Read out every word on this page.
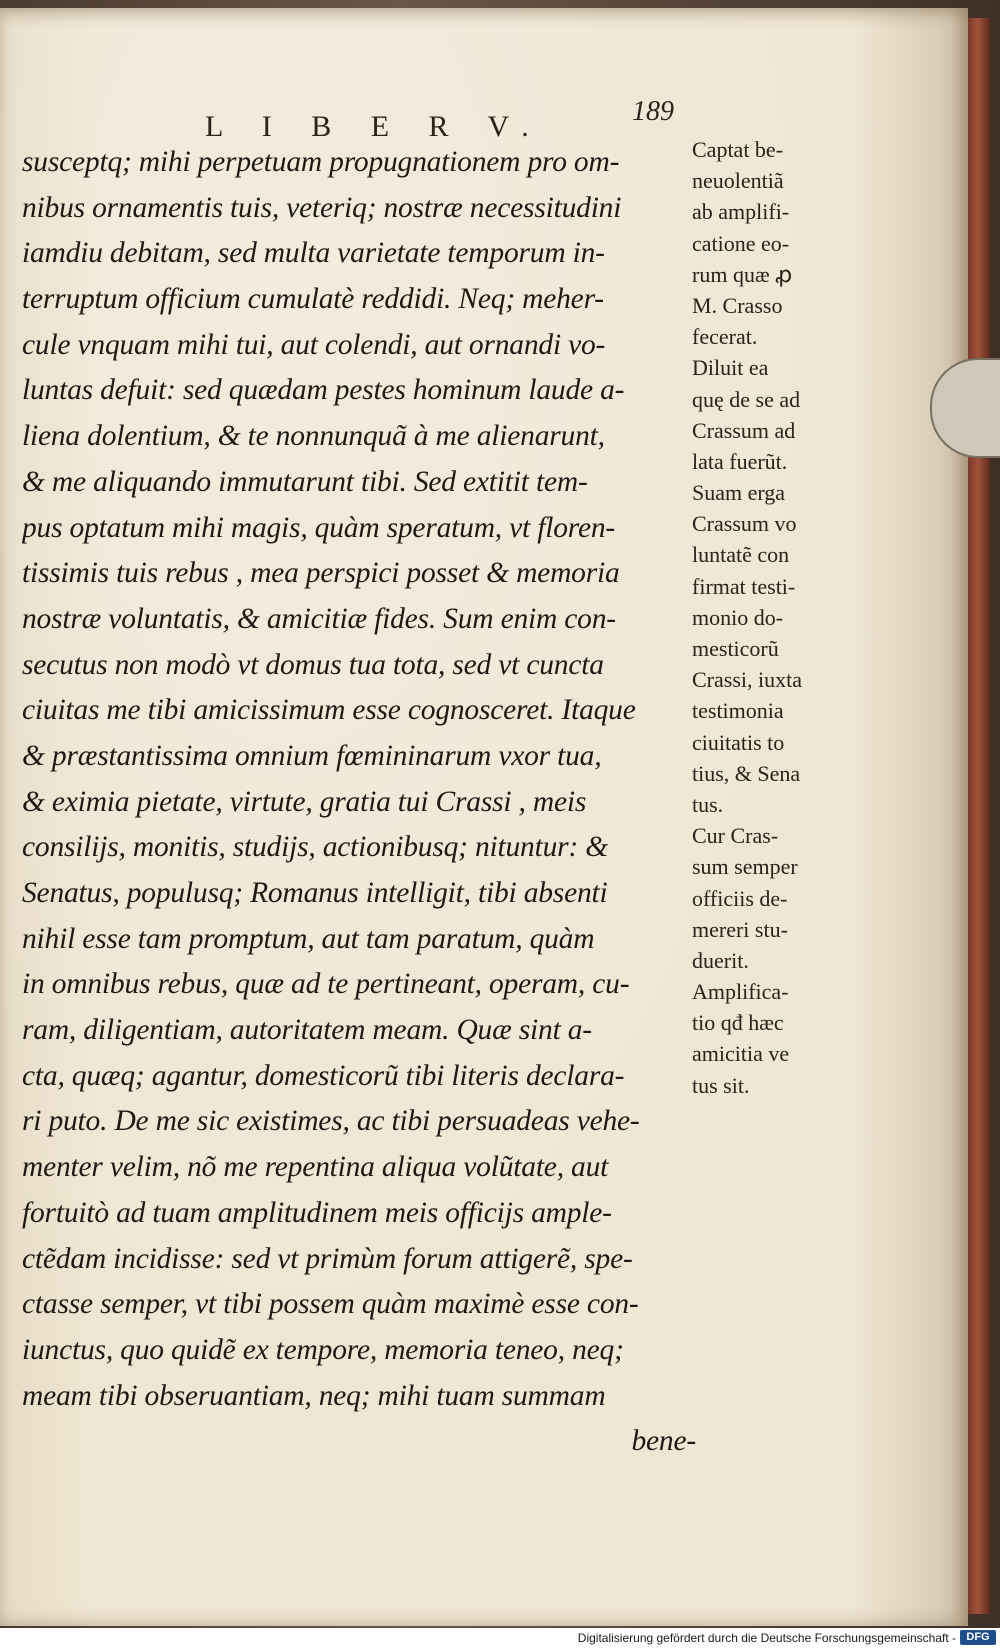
L I B E R V.	189
susceptq; mihi perpetuam propugnationem pro om-
nibus ornamentis tuis, veteriq; nostræ necessitudini
iamdiu debitam, sed multa varietate temporum in-
terruptum officium cumulatè reddidi. Neq; meher-
cule vnquam mihi tui, aut colendi, aut ornandi vo-
luntas defuit: sed quædam pestes hominum laude a-
liena dolentium, & te nonnunquã à me alienarunt,
& me aliquando immutarunt tibi. Sed extitit tem-
pus optatum mihi magis, quàm speratum, vt floren-
tissimis tuis rebus , mea perspici posset & memoria
nostræ voluntatis, & amicitiæ fides. Sum enim con-
secutus non modò vt domus tua tota, sed vt cuncta
ciuitas me tibi amicissimum esse cognosceret. Itaque
& præstantissima omnium fœmininarum vxor tua,
& eximia pietate, virtute, gratia tui Crassi , meis
consilijs, monitis, studijs, actionibusq; nituntur: &
Senatus, populusq; Romanus intelligit, tibi absenti
nihil esse tam promptum, aut tam paratum, quàm
in omnibus rebus, quæ ad te pertineant, operam, cu-
ram, diligentiam, autoritatem meam. Quæ sint a-
cta, quæq; agantur, domesticorũ tibi literis declara-
ri puto. De me sic existimes, ac tibi persuadeas vehe-
menter velim, nõ me repentina aliqua volũtate, aut
fortuitò ad tuam amplitudinem meis officijs ample-
ctẽdam incidisse: sed vt primùm forum attigerẽ, spe-
ctasse semper, vt tibi possem quàm maximè esse con-
iunctus, quo quidẽ ex tempore, memoria teneo, neq;
meam tibi obseruantiam, neq; mihi tuam summam
bene-
Captat be-
neuolentiã
ab amplifi-
catione eo-
rum quæ ꝓ
M. Crasso
fecerat.
Diluit ea
quę de se ad
Crassum ad
lata fuerũt.
Suam erga
Crassum vo
luntatẽ con
firmat testi-
monio do-
mesticorũ
Crassi, iuxta
testimonia
ciuitatis to
tius, & Sena
tus.
Cur Cras-
sum semper
officiis de-
mereri stu-
duerit.
Amplifica-
tio qđ hæc
amicitia ve
tus sit.
Digitalisierung gefördert durch die Deutsche Forschungsgemeinschaft - DFG
